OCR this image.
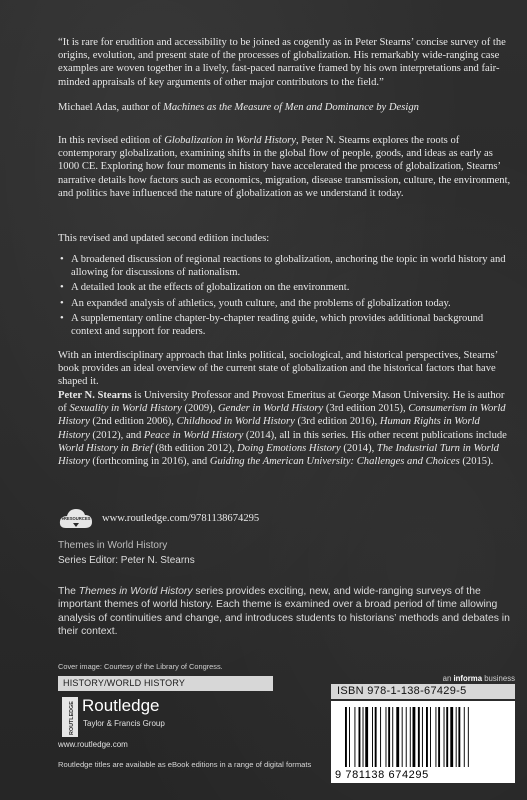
“It is rare for erudition and accessibility to be joined as cogently as in Peter Stearns’ concise survey of the origins, evolution, and present state of the processes of globalization. His remarkably wide-ranging case examples are woven together in a lively, fast-paced narrative framed by his own interpretations and fair-minded appraisals of key arguments of other major contributors to the field.”

Michael Adas, author of Machines as the Measure of Men and Dominance by Design

In this revised edition of Globalization in World History, Peter N. Stearns explores the roots of contemporary globalization, examining shifts in the global flow of people, goods, and ideas as early as 1000 CE. Exploring how four moments in history have accelerated the process of globalization, Stearns’ narrative details how factors such as economics, migration, disease transmission, culture, the environment, and politics have influenced the nature of globalization as we understand it today.

This revised and updated second edition includes:

• A broadened discussion of regional reactions to globalization, anchoring the topic in world history and allowing for discussions of nationalism.
• A detailed look at the effects of globalization on the environment.
• An expanded analysis of athletics, youth culture, and the problems of globalization today.
• A supplementary online chapter-by-chapter reading guide, which provides additional background context and support for readers.

With an interdisciplinary approach that links political, sociological, and historical perspectives, Stearns’ book provides an ideal overview of the current state of globalization and the historical factors that have shaped it.

Peter N. Stearns is University Professor and Provost Emeritus at George Mason University. He is author of Sexuality in World History (2009), Gender in World History (3rd edition 2015), Consumerism in World History (2nd edition 2006), Childhood in World History (3rd edition 2016), Human Rights in World History (2012), and Peace in World History (2014), all in this series. His other recent publications include World History in Brief (8th edition 2012), Doing Emotions History (2014), The Industrial Turn in World History (forthcoming in 2016), and Guiding the American University: Challenges and Choices (2015).

eRESOURCES www.routledge.com/9781138674295
Themes in World History
Series Editor: Peter N. Stearns

The Themes in World History series provides exciting, new, and wide-ranging surveys of the important themes of world history. Each theme is examined over a broad period of time allowing analysis of continuities and change, and introduces students to historians’ methods and debates in their context.

Cover image: Courtesy of the Library of Congress.
HISTORY/WORLD HISTORY	an informa business
ISBN 978-1-138-67429-5
9 781138 674295
ROUTLEDGE Routledge
Taylor & Francis Group
www.routledge.com
Routledge titles are available as eBook editions in a range of digital formats
